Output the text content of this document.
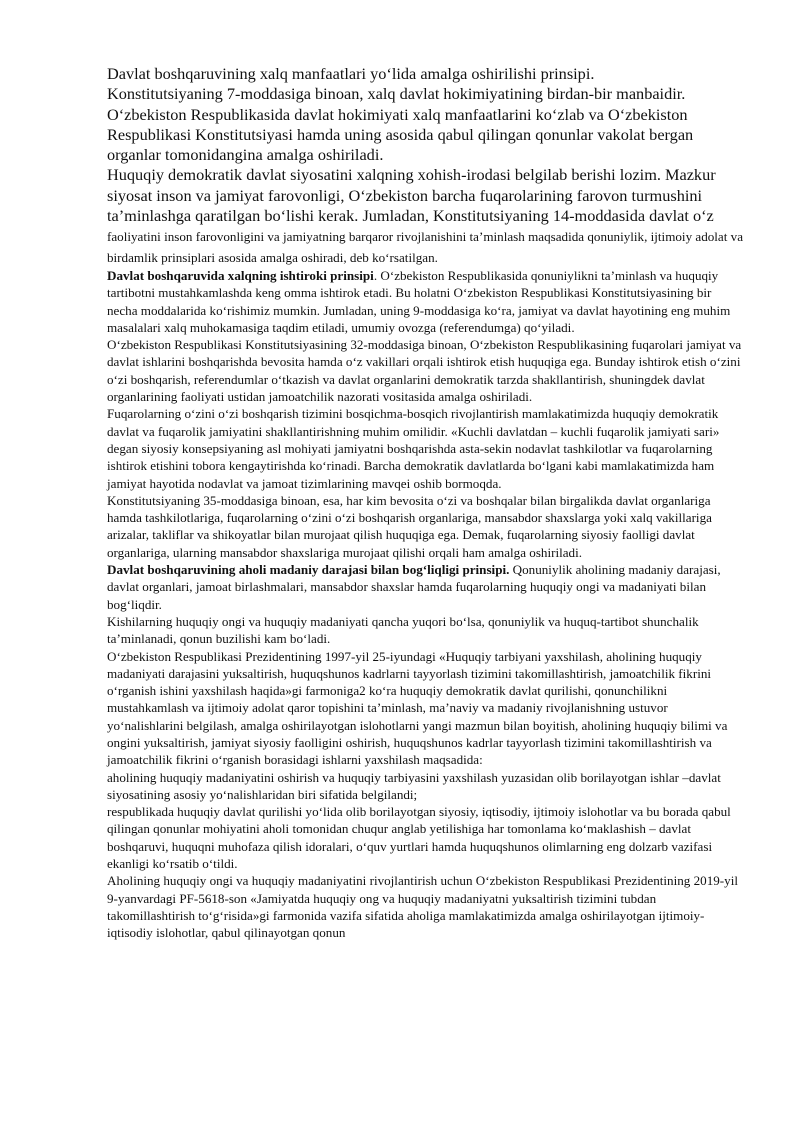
Davlat boshqaruvining xalq manfaatlari yo‘lida amalga oshirilishi prinsipi.

Konstitutsiyaning 7-moddasiga binoan, xalq davlat hokimiyatining birdan-bir manbaidir. O‘zbekiston Respublikasida davlat hokimiyati xalq manfaatlarini ko‘zlab va O‘zbekiston Respublikasi Konstitutsiyasi hamda uning asosida qabul qilingan qonunlar vakolat bergan organlar tomonidangina amalga oshiriladi.

Huquqiy demokratik davlat siyosatini xalqning xohish-irodasi belgilab berishi lozim. Mazkur siyosat inson va jamiyat farovonligi, O‘zbekiston barcha fuqarolarining farovon turmushini ta’minlashga qaratilgan bo‘lishi kerak. Jumladan, Konstitutsiyaning 14-moddasida davlat o‘z faoliyatini inson farovonligini va jamiyatning barqaror rivojlanishini ta’minlash maqsadida qonuniylik, ijtimoiy adolat va birdamlik prinsiplari asosida amalga oshiradi, deb ko‘rsatilgan.

Davlat boshqaruvida xalqning ishtiroki prinsipi. O‘zbekiston Respublikasida qonuniylikni ta’minlash va huquqiy tartibotni mustahkamlashda keng omma ishtirok etadi. Bu holatni O‘zbekiston Respublikasi Konstitutsiyasining bir necha moddalarida ko‘rishimiz mumkin. Jumladan, uning 9-moddasiga ko‘ra, jamiyat va davlat hayotining eng muhim masalalari xalq muhokamasiga taqdim etiladi, umumiy ovozga (referendumga) qo‘yiladi.

O‘zbekiston Respublikasi Konstitutsiyasining 32-moddasiga binoan, O‘zbekiston Respublikasining fuqarolari jamiyat va davlat ishlarini boshqarishda bevosita hamda o‘z vakillari orqali ishtirok etish huquqiga ega. Bunday ishtirok etish o‘zini o‘zi boshqarish, referendumlar o‘tkazish va davlat organlarini demokratik tarzda shakllantirish, shuningdek davlat organlarining faoliyati ustidan jamoatchilik nazorati vositasida amalga oshiriladi.

Fuqarolarning o‘zini o‘zi boshqarish tizimini bosqichma-bosqich rivojlantirish mamlakatimizda huquqiy demokratik davlat va fuqarolik jamiyatini shakllantirishning muhim omilidir. «Kuchli davlatdan – kuchli fuqarolik jamiyati sari» degan siyosiy konsepsiyaning asl mohiyati jamiyatni boshqarishda asta-sekin nodavlat tashkilotlar va fuqarolarning ishtirok etishini tobora kengaytirishda ko‘rinadi. Barcha demokratik davlatlarda bo‘lgani kabi mamlakatimizda ham jamiyat hayotida nodavlat va jamoat tizimlarining mavqei oshib bormoqda.

Konstitutsiyaning 35-moddasiga binoan, esa, har kim bevosita o‘zi va boshqalar bilan birgalikda davlat organlariga hamda tashkilotlariga, fuqarolarning o‘zini o‘zi boshqarish organlariga, mansabdor shaxslarga yoki xalq vakillariga arizalar, takliflar va shikoyatlar bilan murojaat qilish huquqiga ega. Demak, fuqarolarning siyosiy faolligi davlat organlariga, ularning mansabdor shaxslariga murojaat qilishi orqali ham amalga oshiriladi.

Davlat boshqaruvining aholi madaniy darajasi bilan bog‘liqligi prinsipi. Qonuniylik aholining madaniy darajasi, davlat organlari, jamoat birlashmalari, mansabdor shaxslar hamda fuqarolarning huquqiy ongi va madaniyati bilan bog‘liqdir.

Kishilarning huquqiy ongi va huquqiy madaniyati qancha yuqori bo‘lsa, qonuniylik va huquq-tartibot shunchalik ta’minlanadi, qonun buzilishi kam bo‘ladi.

O‘zbekiston Respublikasi Prezidentining 1997-yil 25-iyundagi «Huquqiy tarbiyani yaxshilash, aholining huquqiy madaniyati darajasini yuksaltirish, huquqshunos kadrlarni tayyorlash tizimini takomillashtirish, jamoatchilik fikrini o‘rganish ishini yaxshilash haqida»gi farmoniga2 ko‘ra huquqiy demokratik davlat qurilishi, qonunchilikni mustahkamlash va ijtimoiy adolat qaror topishini ta’minlash, ma’naviy va madaniy rivojlanishning ustuvor yo‘nalishlarini belgilash, amalga oshirilayotgan islohotlarni yangi mazmun bilan boyitish, aholining huquqiy bilimi va ongini yuksaltirish, jamiyat siyosiy faolligini oshirish, huquqshunos kadrlar tayyorlash tizimini takomillashtirish va jamoatchilik fikrini o‘rganish borasidagi ishlarni yaxshilash maqsadida:

aholining huquqiy madaniyatini oshirish va huquqiy tarbiyasini yaxshilash yuzasidan olib borilayotgan ishlar –davlat siyosatining asosiy yo‘nalishlaridan biri sifatida belgilandi;

respublikada huquqiy davlat qurilishi yo‘lida olib borilayotgan siyosiy, iqtisodiy, ijtimoiy islohotlar va bu borada qabul qilingan qonunlar mohiyatini aholi tomonidan chuqur anglab yetilishiga har tomonlama ko‘maklashish – davlat boshqaruvi, huquqni muhofaza qilish idoralari, o‘quv yurtlari hamda huquqshunos olimlarning eng dolzarb vazifasi ekanligi ko‘rsatib o‘tildi.

Aholining huquqiy ongi va huquqiy madaniyatini rivojlantirish uchun O‘zbekiston Respublikasi Prezidentining 2019-yil 9-yanvardagi PF-5618-son «Jamiyatda huquqiy ong va huquqiy madaniyatni yuksaltirish tizimini tubdan takomillashtirish to‘g‘risida»gi farmonida vazifa sifatida aholiga mamlakatimizda amalga oshirilayotgan ijtimoiy-iqtisodiy islohotlar, qabul qilinayotgan qonun
